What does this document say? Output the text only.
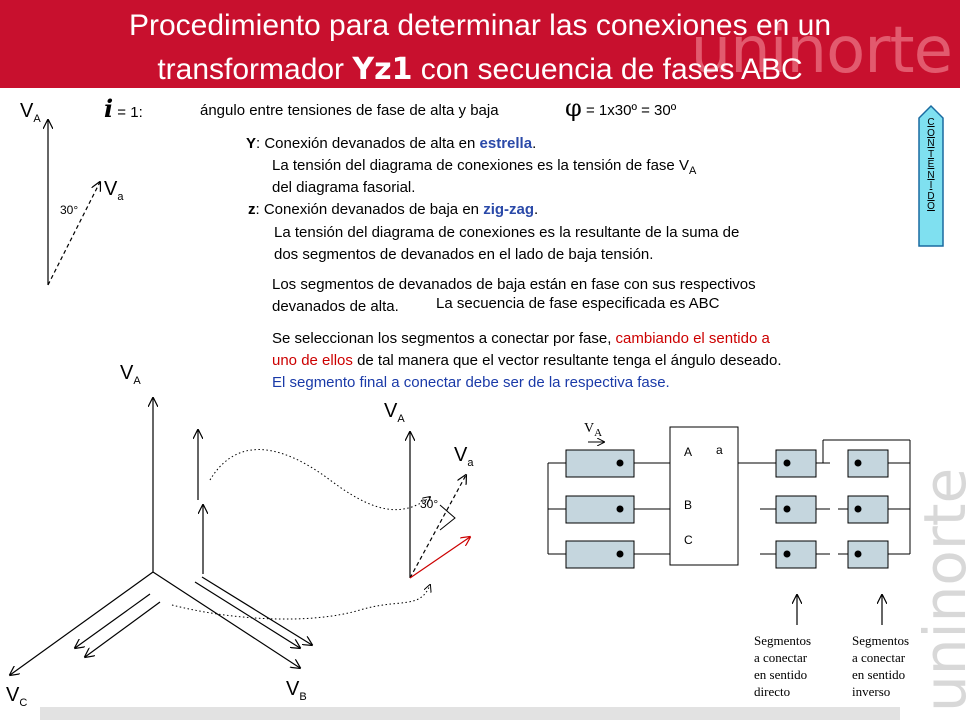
uninorte
Procedimiento para determinar las conexiones en un
transformador Yz1 con secuencia de fases ABC
uninorte
C
O
N
T
E
N
I
D
O
$V_A$
$V_a$
30°
i = 1:	ángulo entre tensiones de fase de alta y baja	φ = 1x30º = 30º
Y: Conexión devanados de alta en estrella.
La tensión del diagrama de conexiones es la tensión de fase $V_A$
del diagrama fasorial.
z: Conexión devanados de baja en zig-zag.
La tensión del diagrama de conexiones es la resultante de la suma de
dos segmentos de devanados en el lado de baja tensión.
Los segmentos de devanados de baja están en fase con sus respectivos
devanados de alta. La secuencia de fase especificada es ABC
Se seleccionan los segmentos a conectar por fase, cambiando el sentido a
uno de ellos de tal manera que el vector resultante tenga el ángulo deseado.
El segmento final a conectar debe ser de la respectiva fase.
$V_A$
$V_B$
$V_C$
$V_A$
$V_a$
30°
$V_A$
A a
B
C
Segmentos
a conectar
en sentido
directo
Segmentos
a conectar
en sentido
inverso
